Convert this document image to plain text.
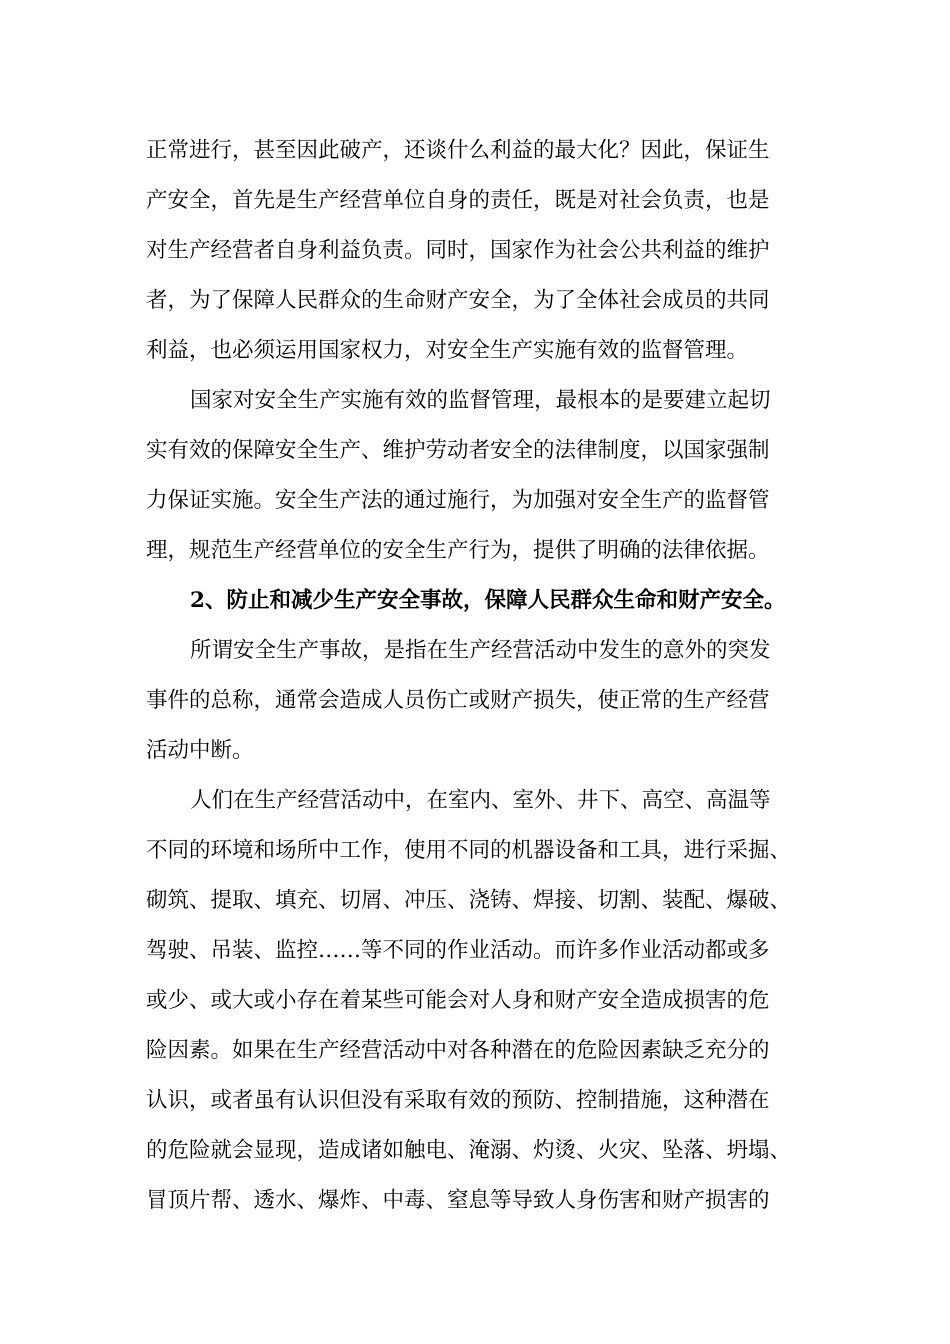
正常进行，甚至因此破产，还谈什么利益的最大化？因此，保证生
产安全，首先是生产经营单位自身的责任，既是对社会负责，也是
对生产经营者自身利益负责。同时，国家作为社会公共利益的维护
者，为了保障人民群众的生命财产安全，为了全体社会成员的共同
利益，也必须运用国家权力，对安全生产实施有效的监督管理。
国家对安全生产实施有效的监督管理，最根本的是要建立起切
实有效的保障安全生产、维护劳动者安全的法律制度，以国家强制
力保证实施。安全生产法的通过施行，为加强对安全生产的监督管
理，规范生产经营单位的安全生产行为，提供了明确的法律依据。
2、防止和减少生产安全事故，保障人民群众生命和财产安全。
所谓安全生产事故，是指在生产经营活动中发生的意外的突发
事件的总称，通常会造成人员伤亡或财产损失，使正常的生产经营
活动中断。
人们在生产经营活动中，在室内、室外、井下、高空、高温等
不同的环境和场所中工作，使用不同的机器设备和工具，进行采掘、
砌筑、提取、填充、切屑、冲压、浇铸、焊接、切割、装配、爆破、
驾驶、吊装、监控……等不同的作业活动。而许多作业活动都或多
或少、或大或小存在着某些可能会对人身和财产安全造成损害的危
险因素。如果在生产经营活动中对各种潜在的危险因素缺乏充分的
认识，或者虽有认识但没有采取有效的预防、控制措施，这种潜在
的危险就会显现，造成诸如触电、淹溺、灼烫、火灾、坠落、坍塌、
冒顶片帮、透水、爆炸、中毒、窒息等导致人身伤害和财产损害的
